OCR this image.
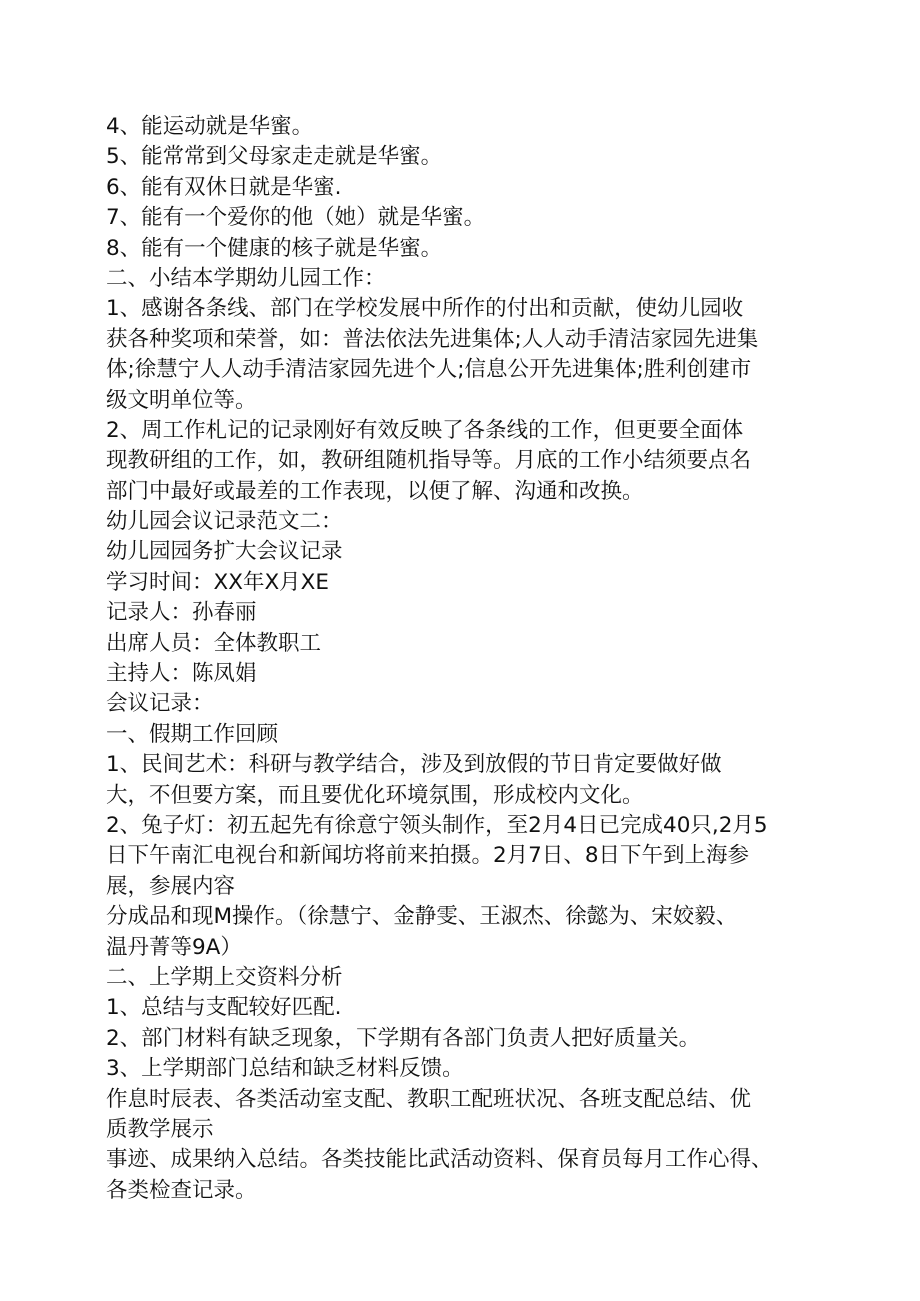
4、能运动就是华蜜。
5、能常常到父母家走走就是华蜜。
6、能有双休日就是华蜜.
7、能有一个爱你的他（她）就是华蜜。
8、能有一个健康的核子就是华蜜。
二、小结本学期幼儿园工作：
1、感谢各条线、部门在学校发展中所作的付出和贡献，使幼儿园收
获各种奖项和荣誉，如：普法依法先进集体;人人动手清洁家园先进集
体;徐慧宁人人动手清洁家园先进个人;信息公开先进集体;胜利创建市
级文明单位等。
2、周工作札记的记录刚好有效反映了各条线的工作，但更要全面体
现教研组的工作，如，教研组随机指导等。月底的工作小结须要点名
部门中最好或最差的工作表现，以便了解、沟通和改换。
幼儿园会议记录范文二：
幼儿园园务扩大会议记录
学习时间：XX年X月XE
记录人：孙春丽
出席人员：全体教职工
主持人：陈凤娟
会议记录：
一、假期工作回顾
1、民间艺术：科研与教学结合，涉及到放假的节日肯定要做好做
大，不但要方案，而且要优化环境氛围，形成校内文化。
2、兔子灯：初五起先有徐意宁领头制作，至2月4日已完成40只,2月5
日下午南汇电视台和新闻坊将前来拍摄。2月7日、8日下午到上海参
展，参展内容
分成品和现M操作。（徐慧宁、金静雯、王淑杰、徐懿为、宋姣毅、
温丹菁等9A）
二、上学期上交资料分析
1、总结与支配较好匹配.
2、部门材料有缺乏现象，下学期有各部门负责人把好质量关。
3、上学期部门总结和缺乏材料反馈。
作息时辰表、各类活动室支配、教职工配班状况、各班支配总结、优
质教学展示
事迹、成果纳入总结。各类技能比武活动资料、保育员每月工作心得、
各类检查记录。
